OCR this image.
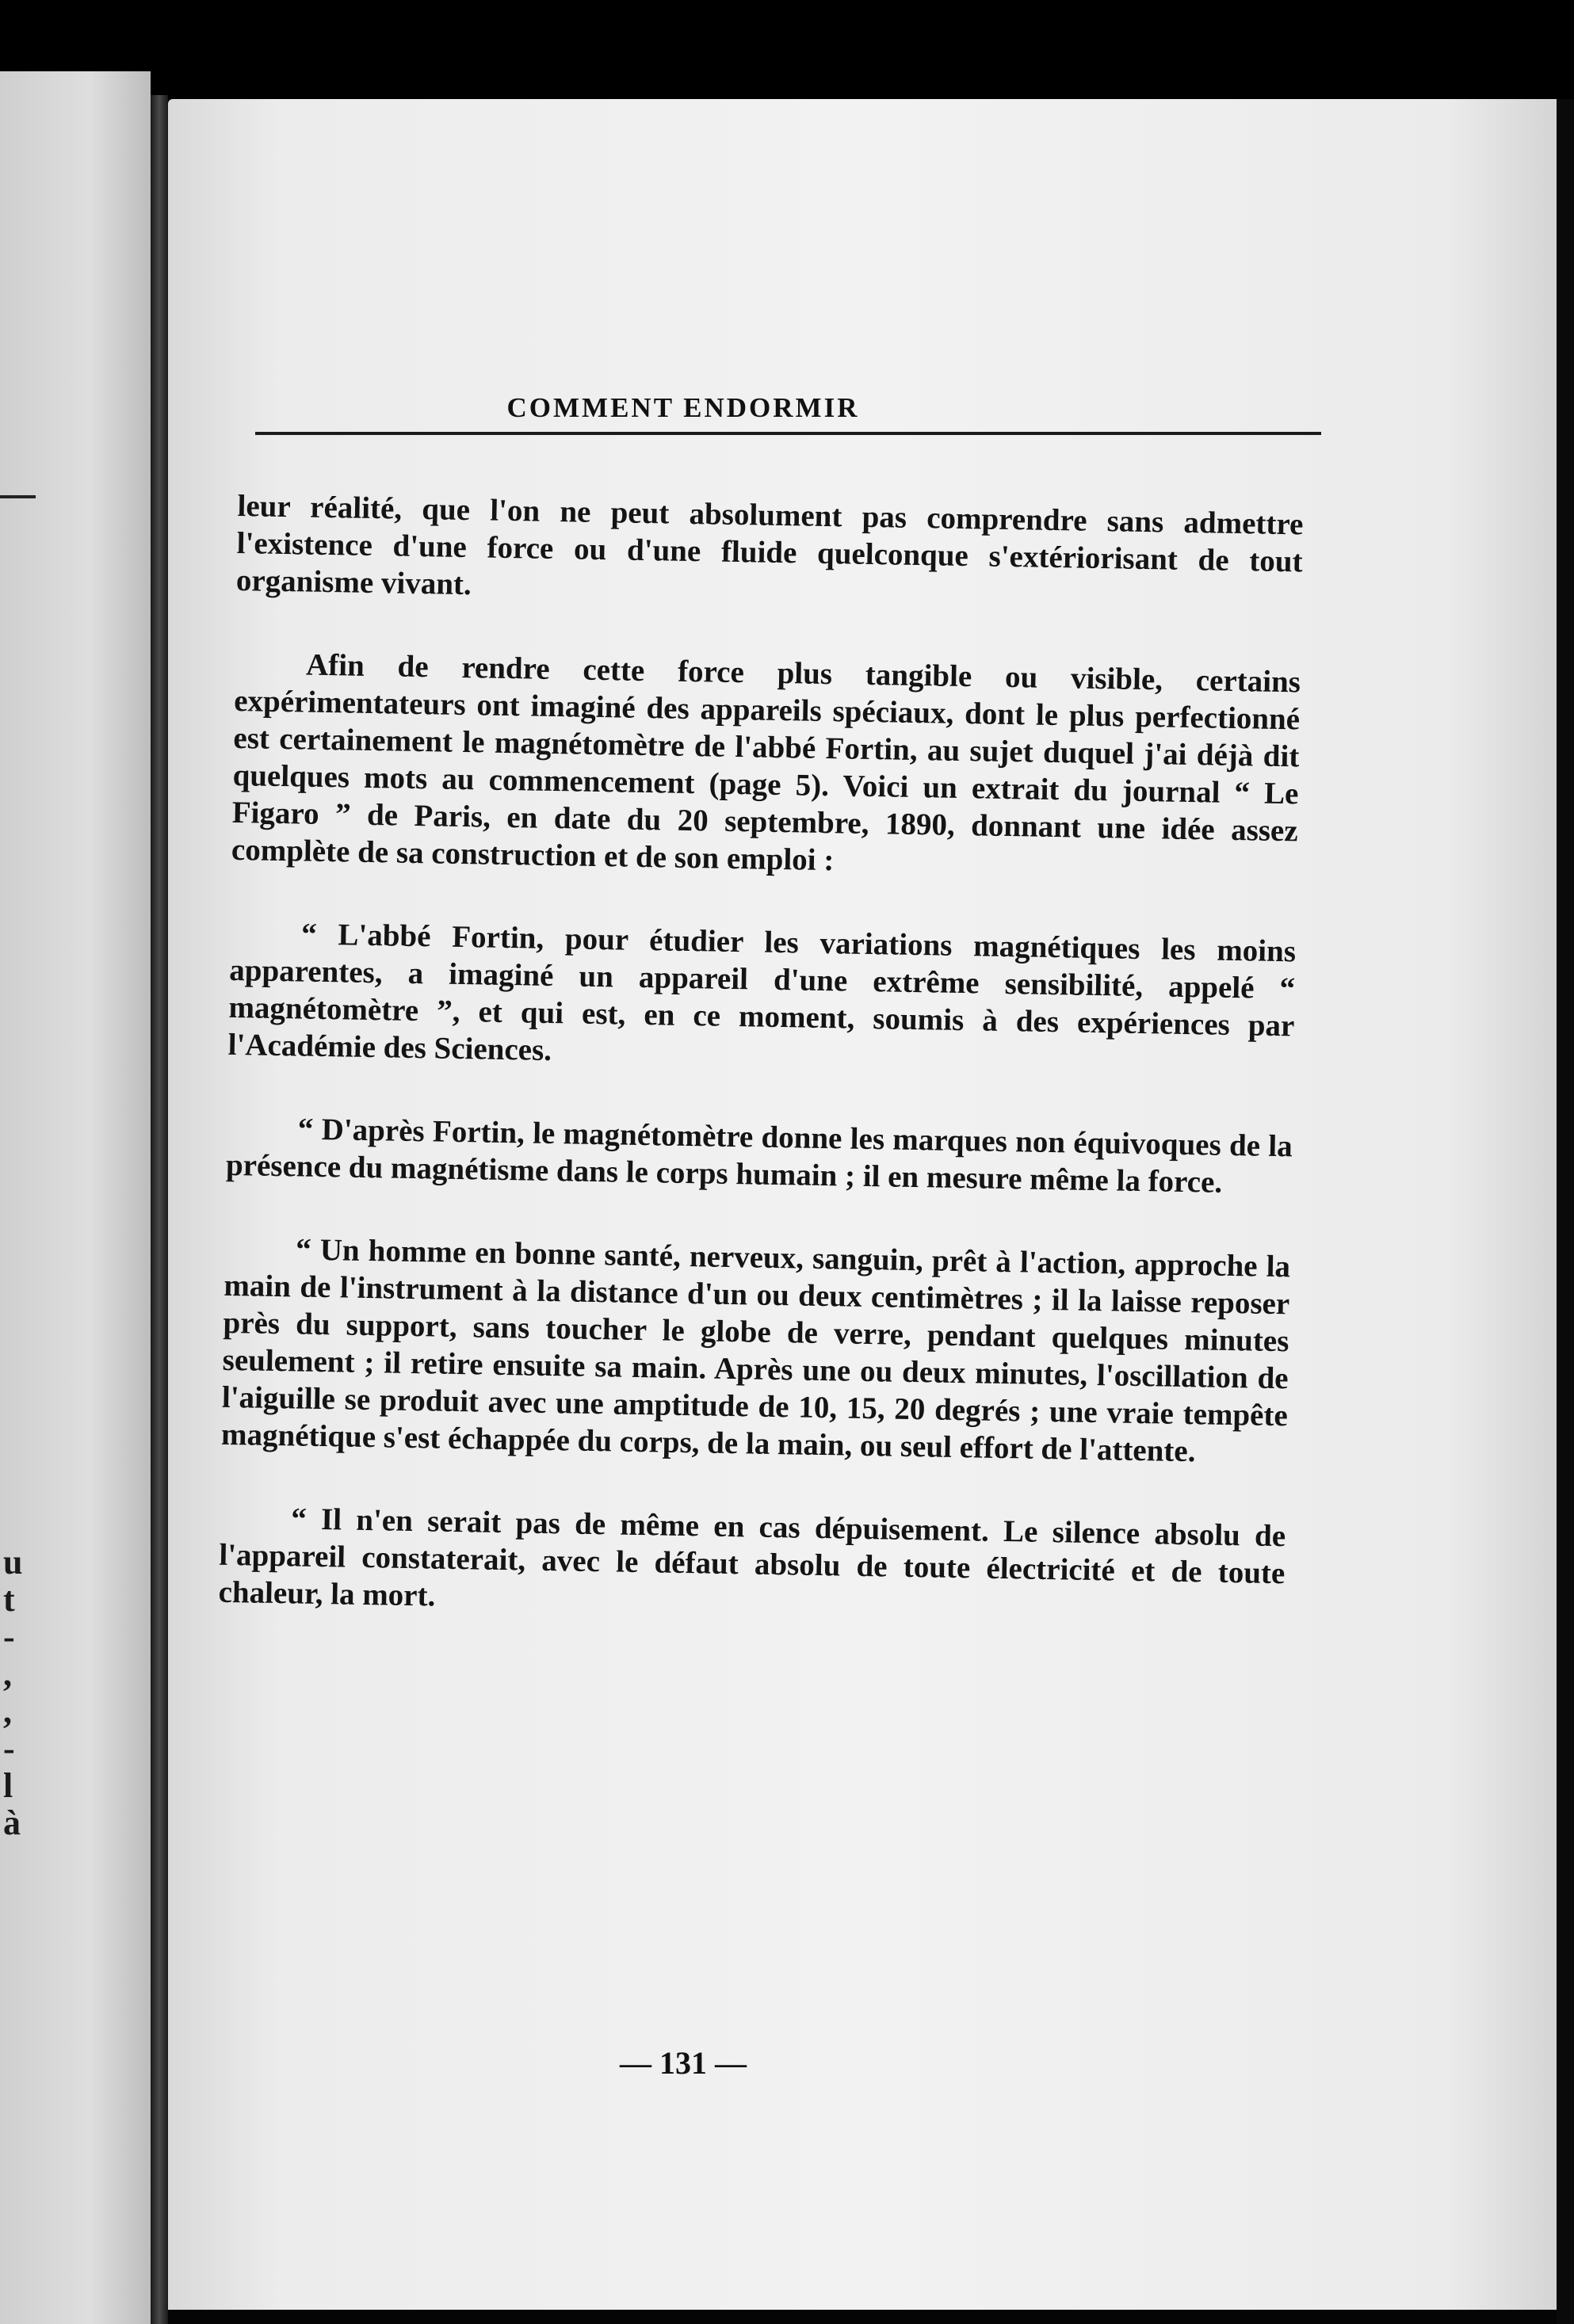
u
t
-
,
,
-
l
à
COMMENT ENDORMIR

leur réalité, que l'on ne peut absolument pas comprendre sans admettre l'existence d'une force ou d'une fluide quelconque s'extériorisant de tout organisme vivant.

Afin de rendre cette force plus tangible ou visible, certains expérimentateurs ont imaginé des appareils spéciaux, dont le plus perfectionné est certainement le magnétomètre de l'abbé Fortin, au sujet duquel j'ai déjà dit quelques mots au commencement (page 5). Voici un extrait du journal “ Le Figaro ” de Paris, en date du 20 septembre, 1890, donnant une idée assez complète de sa construction et de son emploi :

“ L'abbé Fortin, pour étudier les variations magnétiques les moins apparentes, a imaginé un appareil d'une extrême sensibilité, appelé “ magnétomètre ”, et qui est, en ce moment, soumis à des expériences par l'Académie des Sciences.

“ D'après Fortin, le magnétomètre donne les marques non équivoques de la présence du magnétisme dans le corps humain ; il en mesure même la force.

“ Un homme en bonne santé, nerveux, sanguin, prêt à l'action, approche la main de l'instrument à la distance d'un ou deux centimètres ; il la laisse reposer près du support, sans toucher le globe de verre, pendant quelques minutes seulement ; il retire ensuite sa main. Après une ou deux minutes, l'oscillation de l'aiguille se produit avec une amptitude de 10, 15, 20 degrés ; une vraie tempête magnétique s'est échappée du corps, de la main, ou seul effort de l'attente.

“ Il n'en serait pas de même en cas dépuisement. Le silence absolu de l'appareil constaterait, avec le défaut absolu de toute électricité et de toute chaleur, la mort.

— 131 —
